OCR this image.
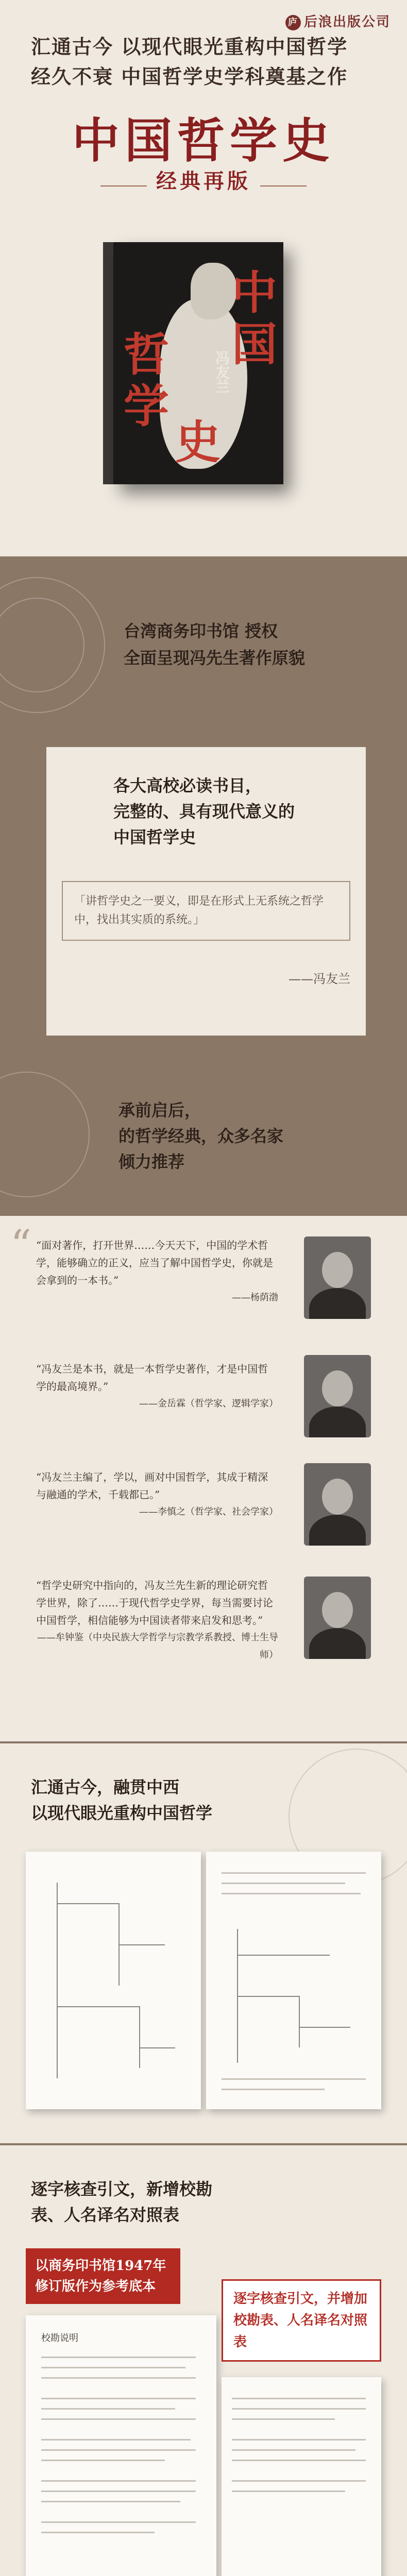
庐 后浪出版公司
汇通古今 以现代眼光重构中国哲学
经久不衰 中国哲学史学科奠基之作
中国哲学史
经典再版
中
国
哲
学
史
冯友兰
台湾商务印书馆 授权
全面呈现冯先生著作原貌
各大高校必读书目，
完整的、具有现代意义的
中国哲学史
「讲哲学史之一要义，即是在形式上无系统之哲学中，找出其实质的系统。」
——冯友兰
承前启后，
的哲学经典，众多名家
倾力推荐
“ “面对著作，打开世界……今天天下，中国的学术哲学，能够确立的正义，应当了解中国哲学史，你就是会拿到的一本书。”
——杨荫渤
“冯友兰是本书，就是一本哲学史著作，才是中国哲学的最高境界。”
——金岳霖（哲学家、逻辑学家）
“冯友兰主编了，学以，画对中国哲学，其成于精深与融通的学术，千载都已。”
——李慎之（哲学家、社会学家）
“哲学史研究中指向的，冯友兰先生新的理论研究哲学世界，除了……于现代哲学史学界，每当需要讨论中国哲学，相信能够为中国读者带来启发和思考。”
——牟钟鉴（中央民族大学哲学与宗教学系教授、博士生导师）
汇通古今，融贯中西
以现代眼光重构中国哲学
逐字核查引文，新增校勘
表、人名译名对照表
以商务印书馆1947年
修订版作为参考底本
校勘说明
逐字核查引文，并增加
校勘表、人名译名对照表
